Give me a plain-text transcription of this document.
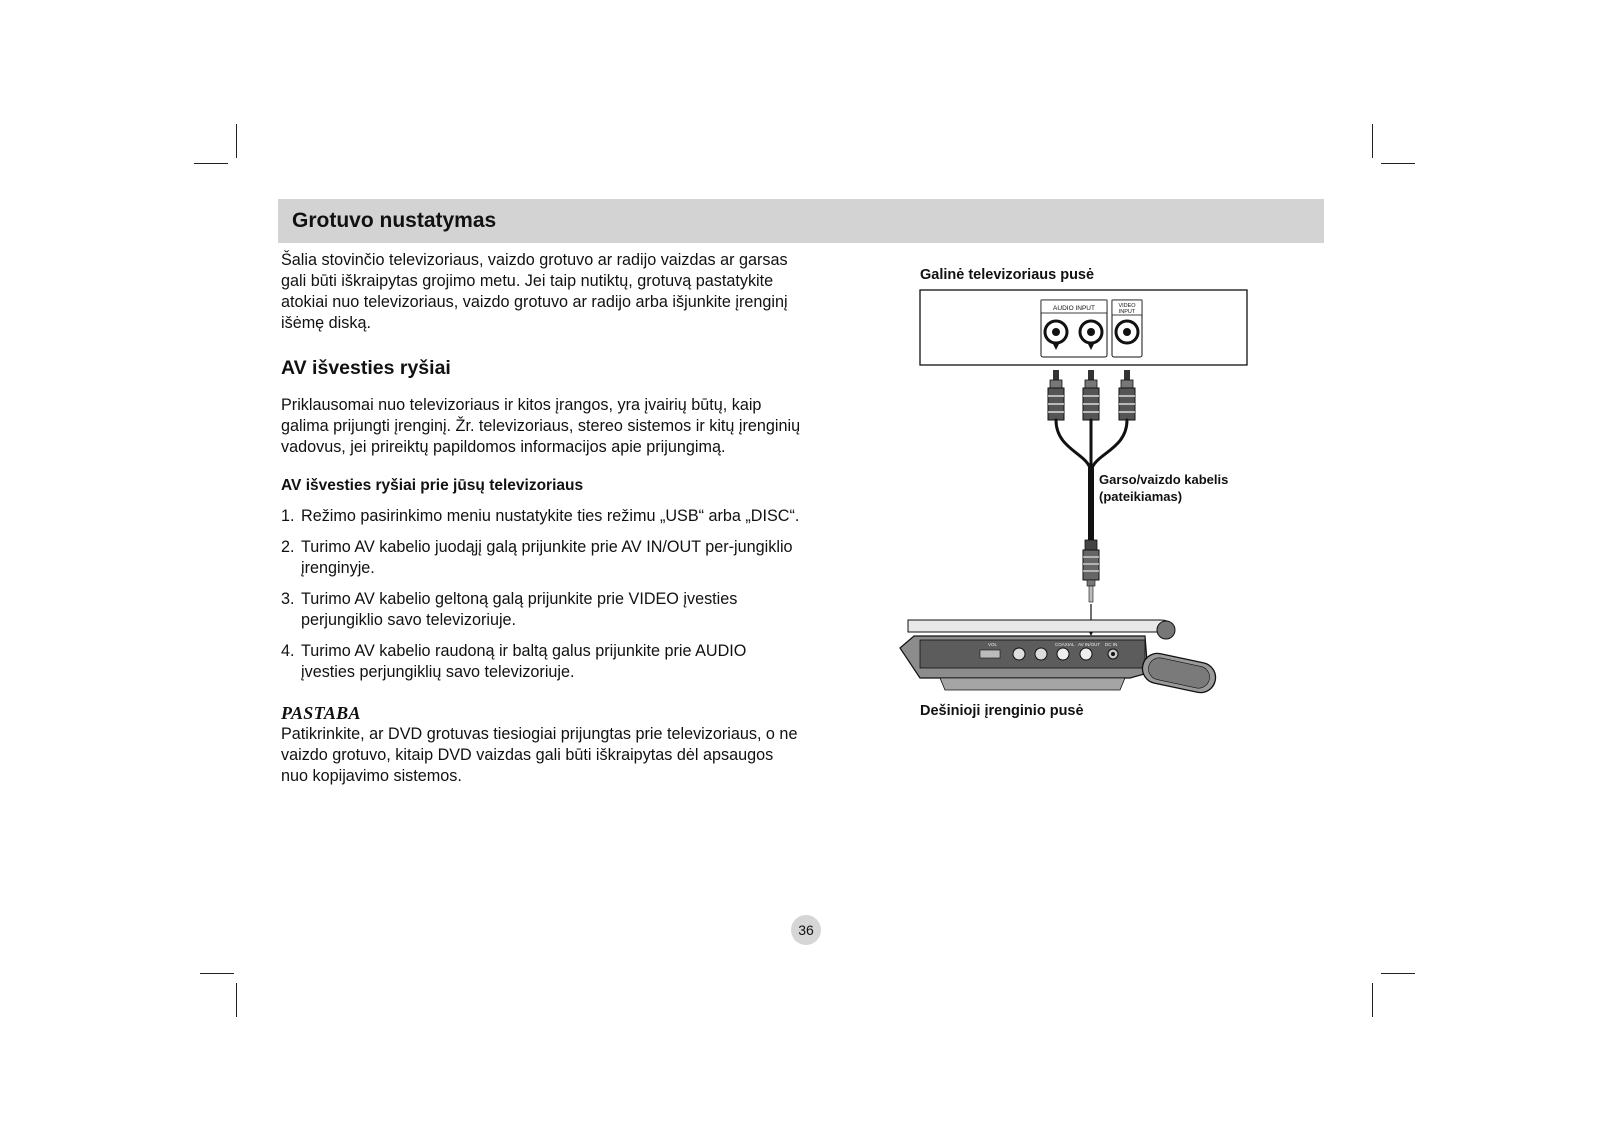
Grotuvo nustatymas

Šalia stovinčio televizoriaus, vaizdo grotuvo ar radijo vaizdas ar garsas gali būti iškraipytas grojimo metu. Jei taip nutiktų, grotuvą pastatykite atokiai nuo televizoriaus, vaizdo grotuvo ar radijo arba išjunkite įrenginį išėmę diską.

AV išvesties ryšiai

Priklausomai nuo televizoriaus ir kitos įrangos, yra įvairių būtų, kaip galima prijungti įrenginį. Žr. televizoriaus, stereo sistemos ir kitų įrenginių vadovus, jei prireiktų papildomos informacijos apie prijungimą.

AV išvesties ryšiai prie jūsų televizoriaus
1. Režimo pasirinkimo meniu nustatykite ties režimu „USB“ arba „DISC“.
2. Turimo AV kabelio juodąjį galą prijunkite prie AV IN/OUT per-jungiklio įrenginyje.
3. Turimo AV kabelio geltoną galą prijunkite prie VIDEO įvesties perjungiklio savo televizoriuje.
4. Turimo AV kabelio raudoną ir baltą galus prijunkite prie AUDIO įvesties perjungiklių savo televizoriuje.
PASTABA

Patikrinkite, ar DVD grotuvas tiesiogiai prijungtas prie televizoriaus, o ne vaizdo grotuvo, kitaip DVD vaizdas gali būti iškraipytas dėl apsaugos nuo kopijavimo sistemos.

Galinė televizoriaus pusė
AUDIO INPUT	VIDEO
INPUT
VOL	COAXIAL AV IN/OUT DC IN
Garso/vaizdo kabelis
(pateikiamas)
Dešinioji įrenginio pusė
36
